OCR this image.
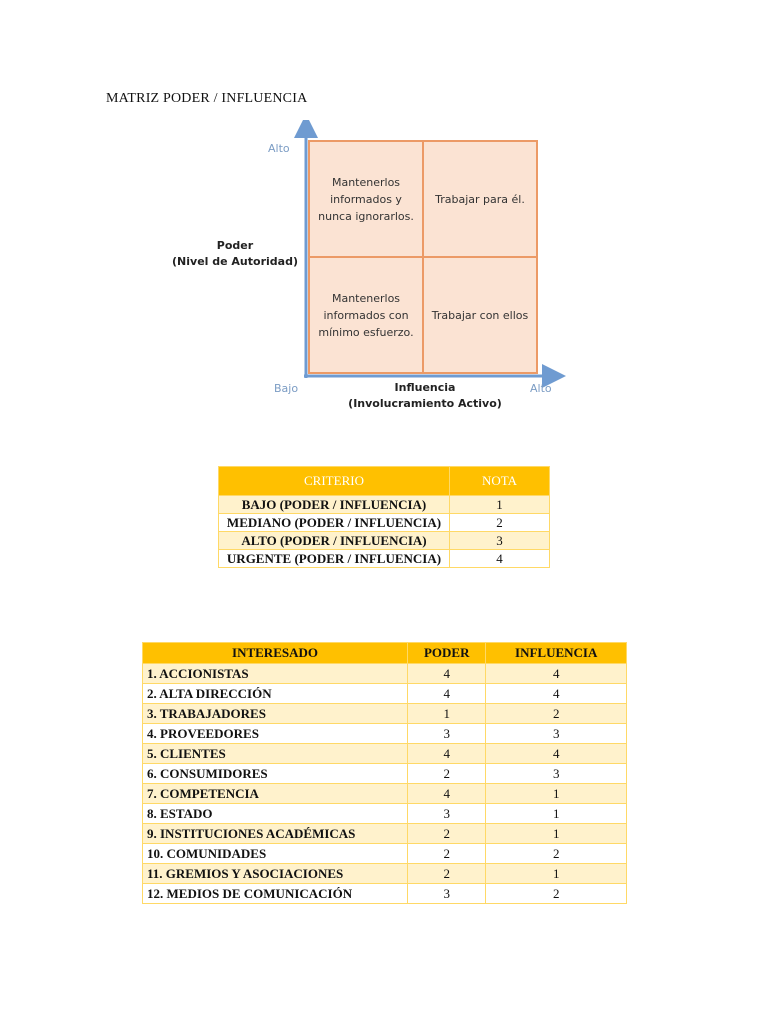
MATRIZ PODER / INFLUENCIA
Alto
Bajo	Alto
Poder
(Nivel de Autoridad)
Influencia
(Involucramiento Activo)
Mantenerlos
informados y
nunca ignorarlos.
Trabajar para él.
Mantenerlos
informados con
mínimo esfuerzo.
Trabajar con ellos
CRITERIO	NOTA
BAJO (PODER / INFLUENCIA)	1
MEDIANO (PODER / INFLUENCIA)	2
ALTO (PODER / INFLUENCIA)	3
URGENTE (PODER / INFLUENCIA)	4
INTERESADO	PODER	INFLUENCIA
1. ACCIONISTAS	4	4
2. ALTA DIRECCIÓN	4	4
3. TRABAJADORES	1	2
4. PROVEEDORES	3	3
5. CLIENTES	4	4
6. CONSUMIDORES	2	3
7. COMPETENCIA	4	1
8. ESTADO	3	1
9. INSTITUCIONES ACADÉMICAS	2	1
10. COMUNIDADES	2	2
11. GREMIOS Y ASOCIACIONES	2	1
12. MEDIOS DE COMUNICACIÓN	3	2
